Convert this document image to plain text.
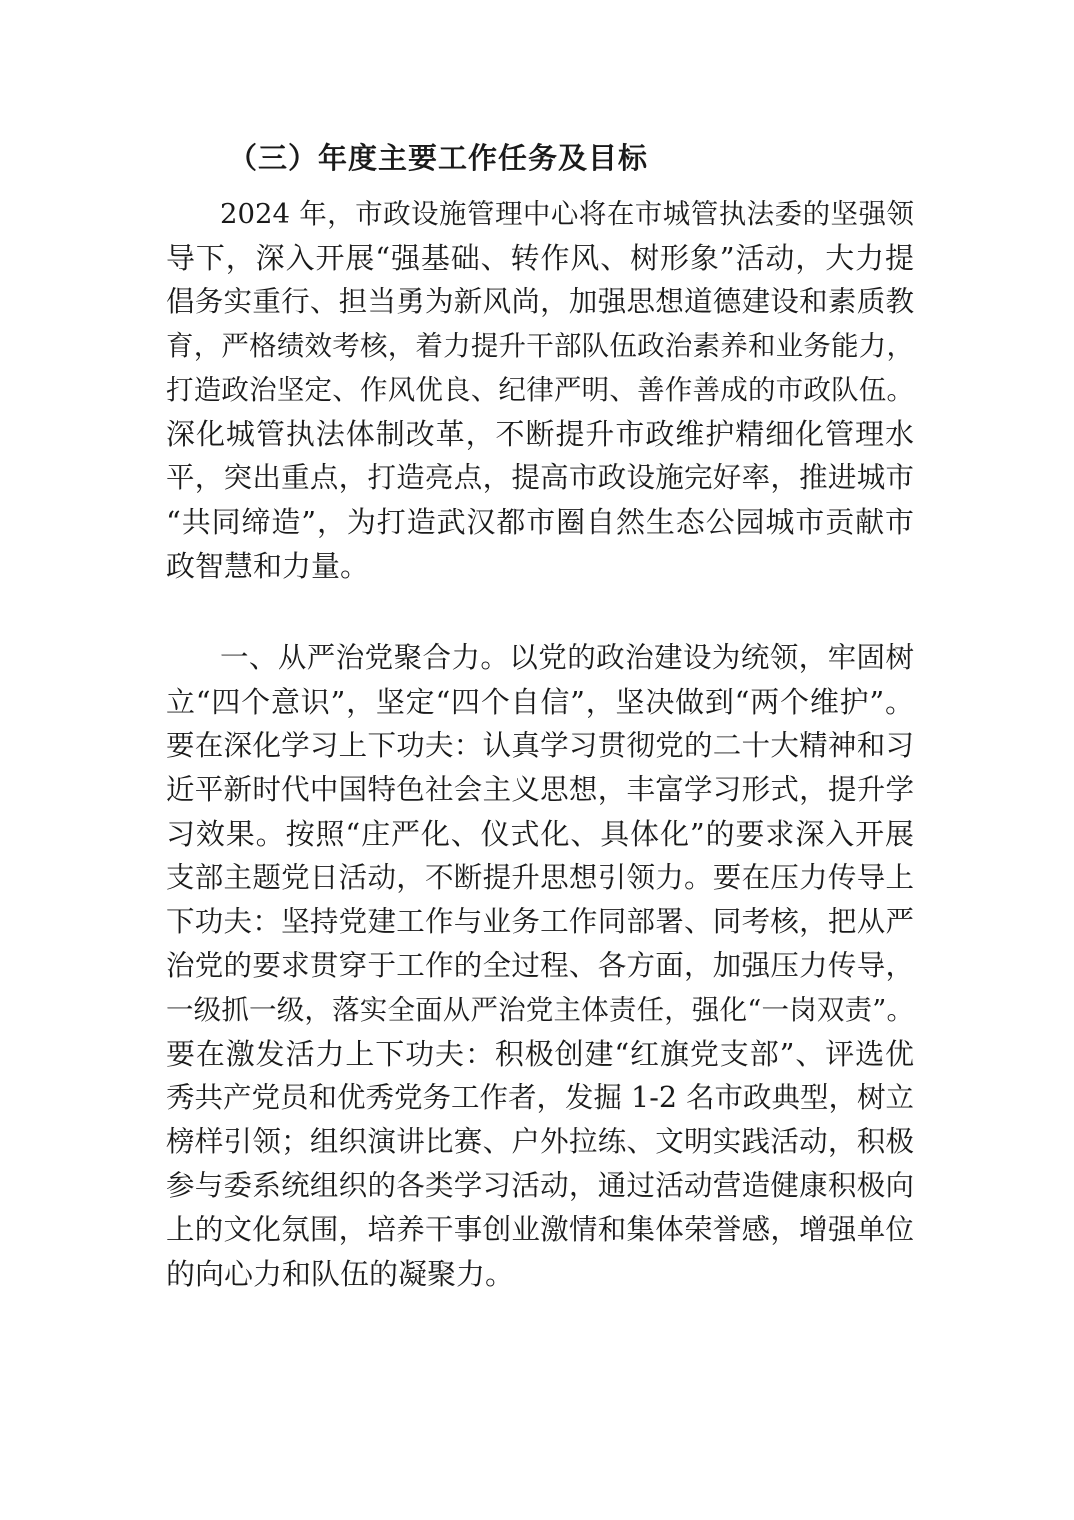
（三）年度主要工作任务及目标
2024 年，市政设施管理中心将在市城管执法委的坚强领
导下，深入开展“强基础、转作风、树形象”活动，大力提
倡务实重行、担当勇为新风尚，加强思想道德建设和素质教
育，严格绩效考核，着力提升干部队伍政治素养和业务能力，
打造政治坚定、作风优良、纪律严明、善作善成的市政队伍。
深化城管执法体制改革，不断提升市政维护精细化管理水
平，突出重点，打造亮点，提高市政设施完好率，推进城市
“共同缔造”，为打造武汉都市圈自然生态公园城市贡献市
政智慧和力量。
一、从严治党聚合力。以党的政治建设为统领，牢固树
立“四个意识”，坚定“四个自信”，坚决做到“两个维护”。
要在深化学习上下功夫：认真学习贯彻党的二十大精神和习
近平新时代中国特色社会主义思想，丰富学习形式，提升学
习效果。按照“庄严化、仪式化、具体化”的要求深入开展
支部主题党日活动，不断提升思想引领力。要在压力传导上
下功夫：坚持党建工作与业务工作同部署、同考核，把从严
治党的要求贯穿于工作的全过程、各方面，加强压力传导，
一级抓一级，落实全面从严治党主体责任，强化“一岗双责”。
要在激发活力上下功夫：积极创建“红旗党支部”、评选优
秀共产党员和优秀党务工作者，发掘 1-2 名市政典型，树立
榜样引领；组织演讲比赛、户外拉练、文明实践活动，积极
参与委系统组织的各类学习活动，通过活动营造健康积极向
上的文化氛围，培养干事创业激情和集体荣誉感，增强单位
的向心力和队伍的凝聚力。
